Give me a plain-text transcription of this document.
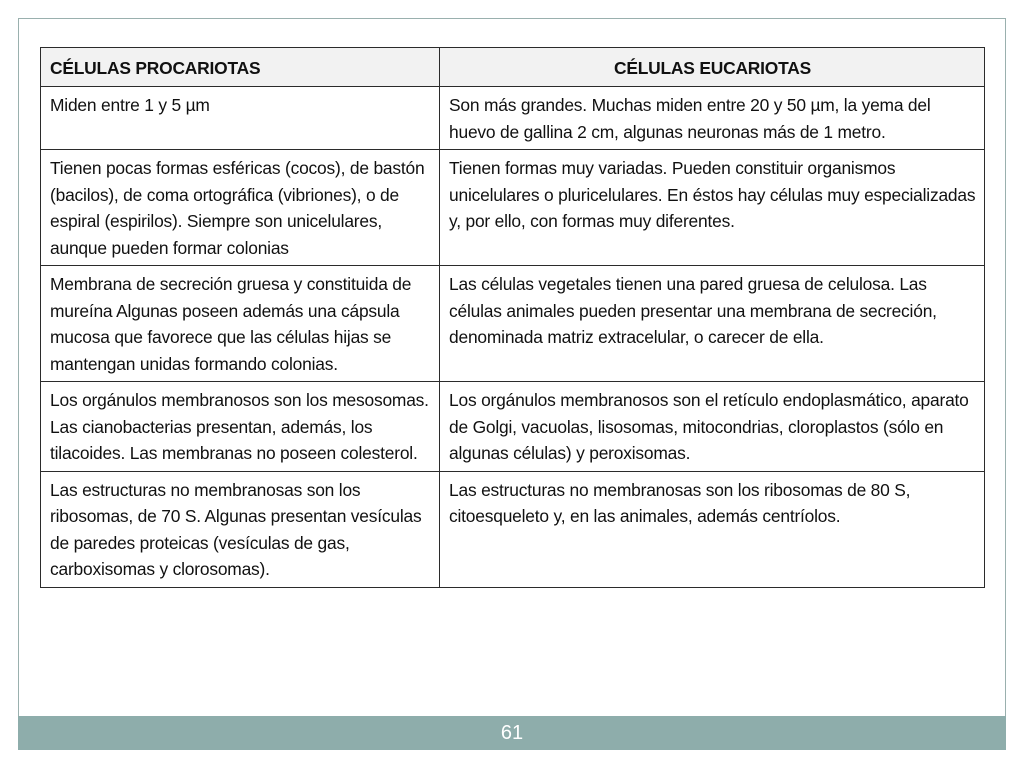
CÉLULAS PROCARIOTAS	CÉLULAS EUCARIOTAS
Miden entre 1 y 5 µm	Son más grandes. Muchas miden entre 20 y 50 µm, la yema del huevo de gallina 2 cm, algunas neuronas más de 1 metro.
Tienen pocas formas esféricas (cocos), de bastón (bacilos), de coma ortográfica (vibriones), o de espiral (espirilos). Siempre son unicelulares, aunque pueden formar colonias	Tienen formas muy variadas. Pueden constituir organismos unicelulares o pluricelulares. En éstos hay células muy especializadas y, por ello, con formas muy diferentes.
Membrana de secreción gruesa y constituida de mureína Algunas poseen además una cápsula mucosa que favorece que las células hijas se mantengan unidas formando colonias.	Las células vegetales tienen una pared gruesa de celulosa. Las células animales pueden presentar una membrana de secreción, denominada matriz extracelular, o carecer de ella.
Los orgánulos membranosos son los mesosomas. Las cianobacterias presentan, además, los tilacoides. Las membranas no poseen colesterol.	Los orgánulos membranosos son el retículo endoplasmático, aparato de Golgi, vacuolas, lisosomas, mitocondrias, cloroplastos (sólo en algunas células) y peroxisomas.
Las estructuras no membranosas son los ribosomas, de 70 S. Algunas presentan vesículas de paredes proteicas (vesículas de gas, carboxisomas y clorosomas).	Las estructuras no membranosas son los ribosomas de 80 S, citoesqueleto y, en las animales, además centríolos.
61
